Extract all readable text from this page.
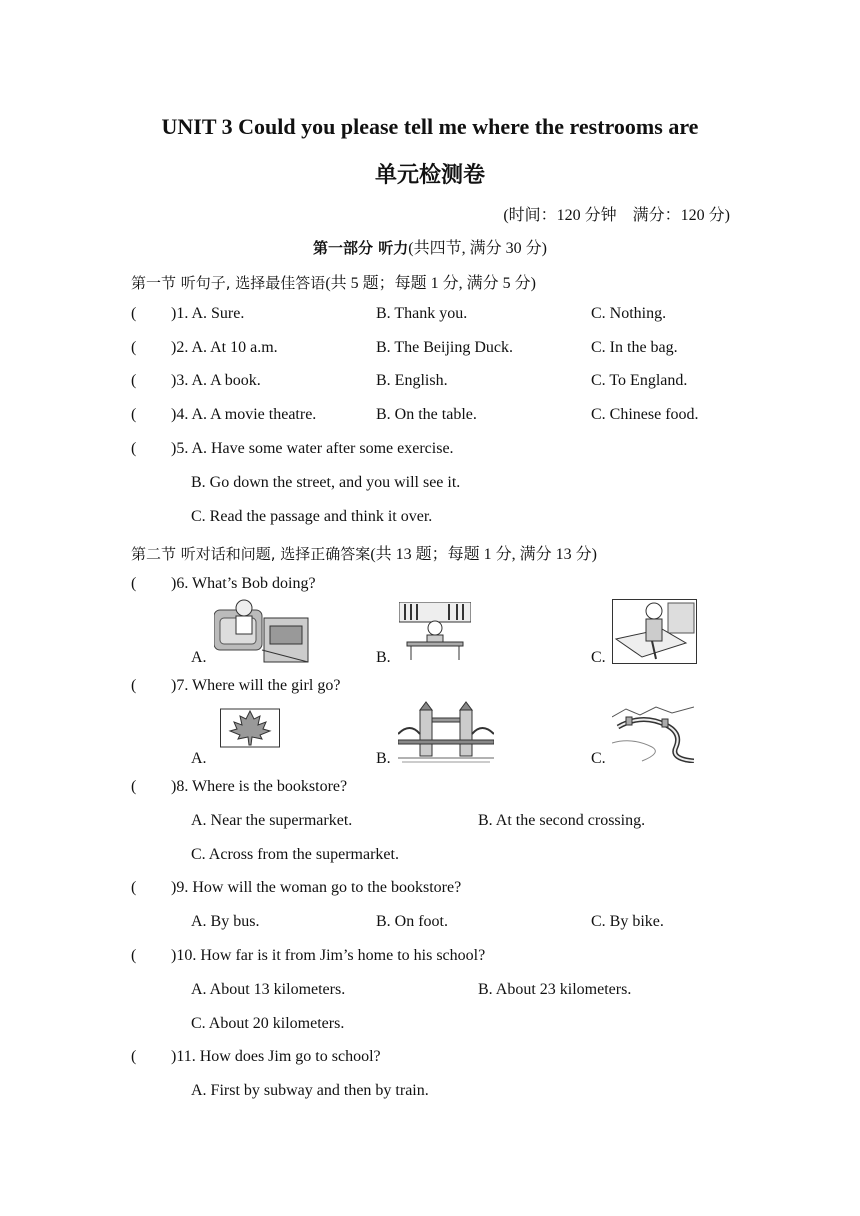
UNIT 3 Could you please tell me where the restrooms are
单元检测卷
(时间：120 分钟　满分：120 分)
第一部分 听力(共四节, 满分 30 分)
第一节 听句子, 选择最佳答语(共 5 题；每题 1 分, 满分 5 分)
( )1. A. Sure.	B. Thank you.	C. Nothing.
( )2. A. At 10 a.m.	B. The Beijing Duck.	C. In the bag.
( )3. A. A book.	B. English.	C. To England.
( )4. A. A movie theatre.	B. On the table.	C. Chinese food.
( )5. A. Have some water after some exercise.
B. Go down the street, and you will see it.
C. Read the passage and think it over.
第二节 听对话和问题, 选择正确答案(共 13 题；每题 1 分, 满分 13 分)
( )6. What’s Bob doing?
A.	B.	C.
( )7. Where will the girl go?
A.	B.	C.
( )8. Where is the bookstore?
A. Near the supermarket.	B. At the second crossing.
C. Across from the supermarket.
( )9. How will the woman go to the bookstore?
A. By bus.	B. On foot.	C. By bike.
( )10. How far is it from Jim’s home to his school?
A. About 13 kilometers.	B. About 23 kilometers.
C. About 20 kilometers.
( )11. How does Jim go to school?
A. First by subway and then by train.
